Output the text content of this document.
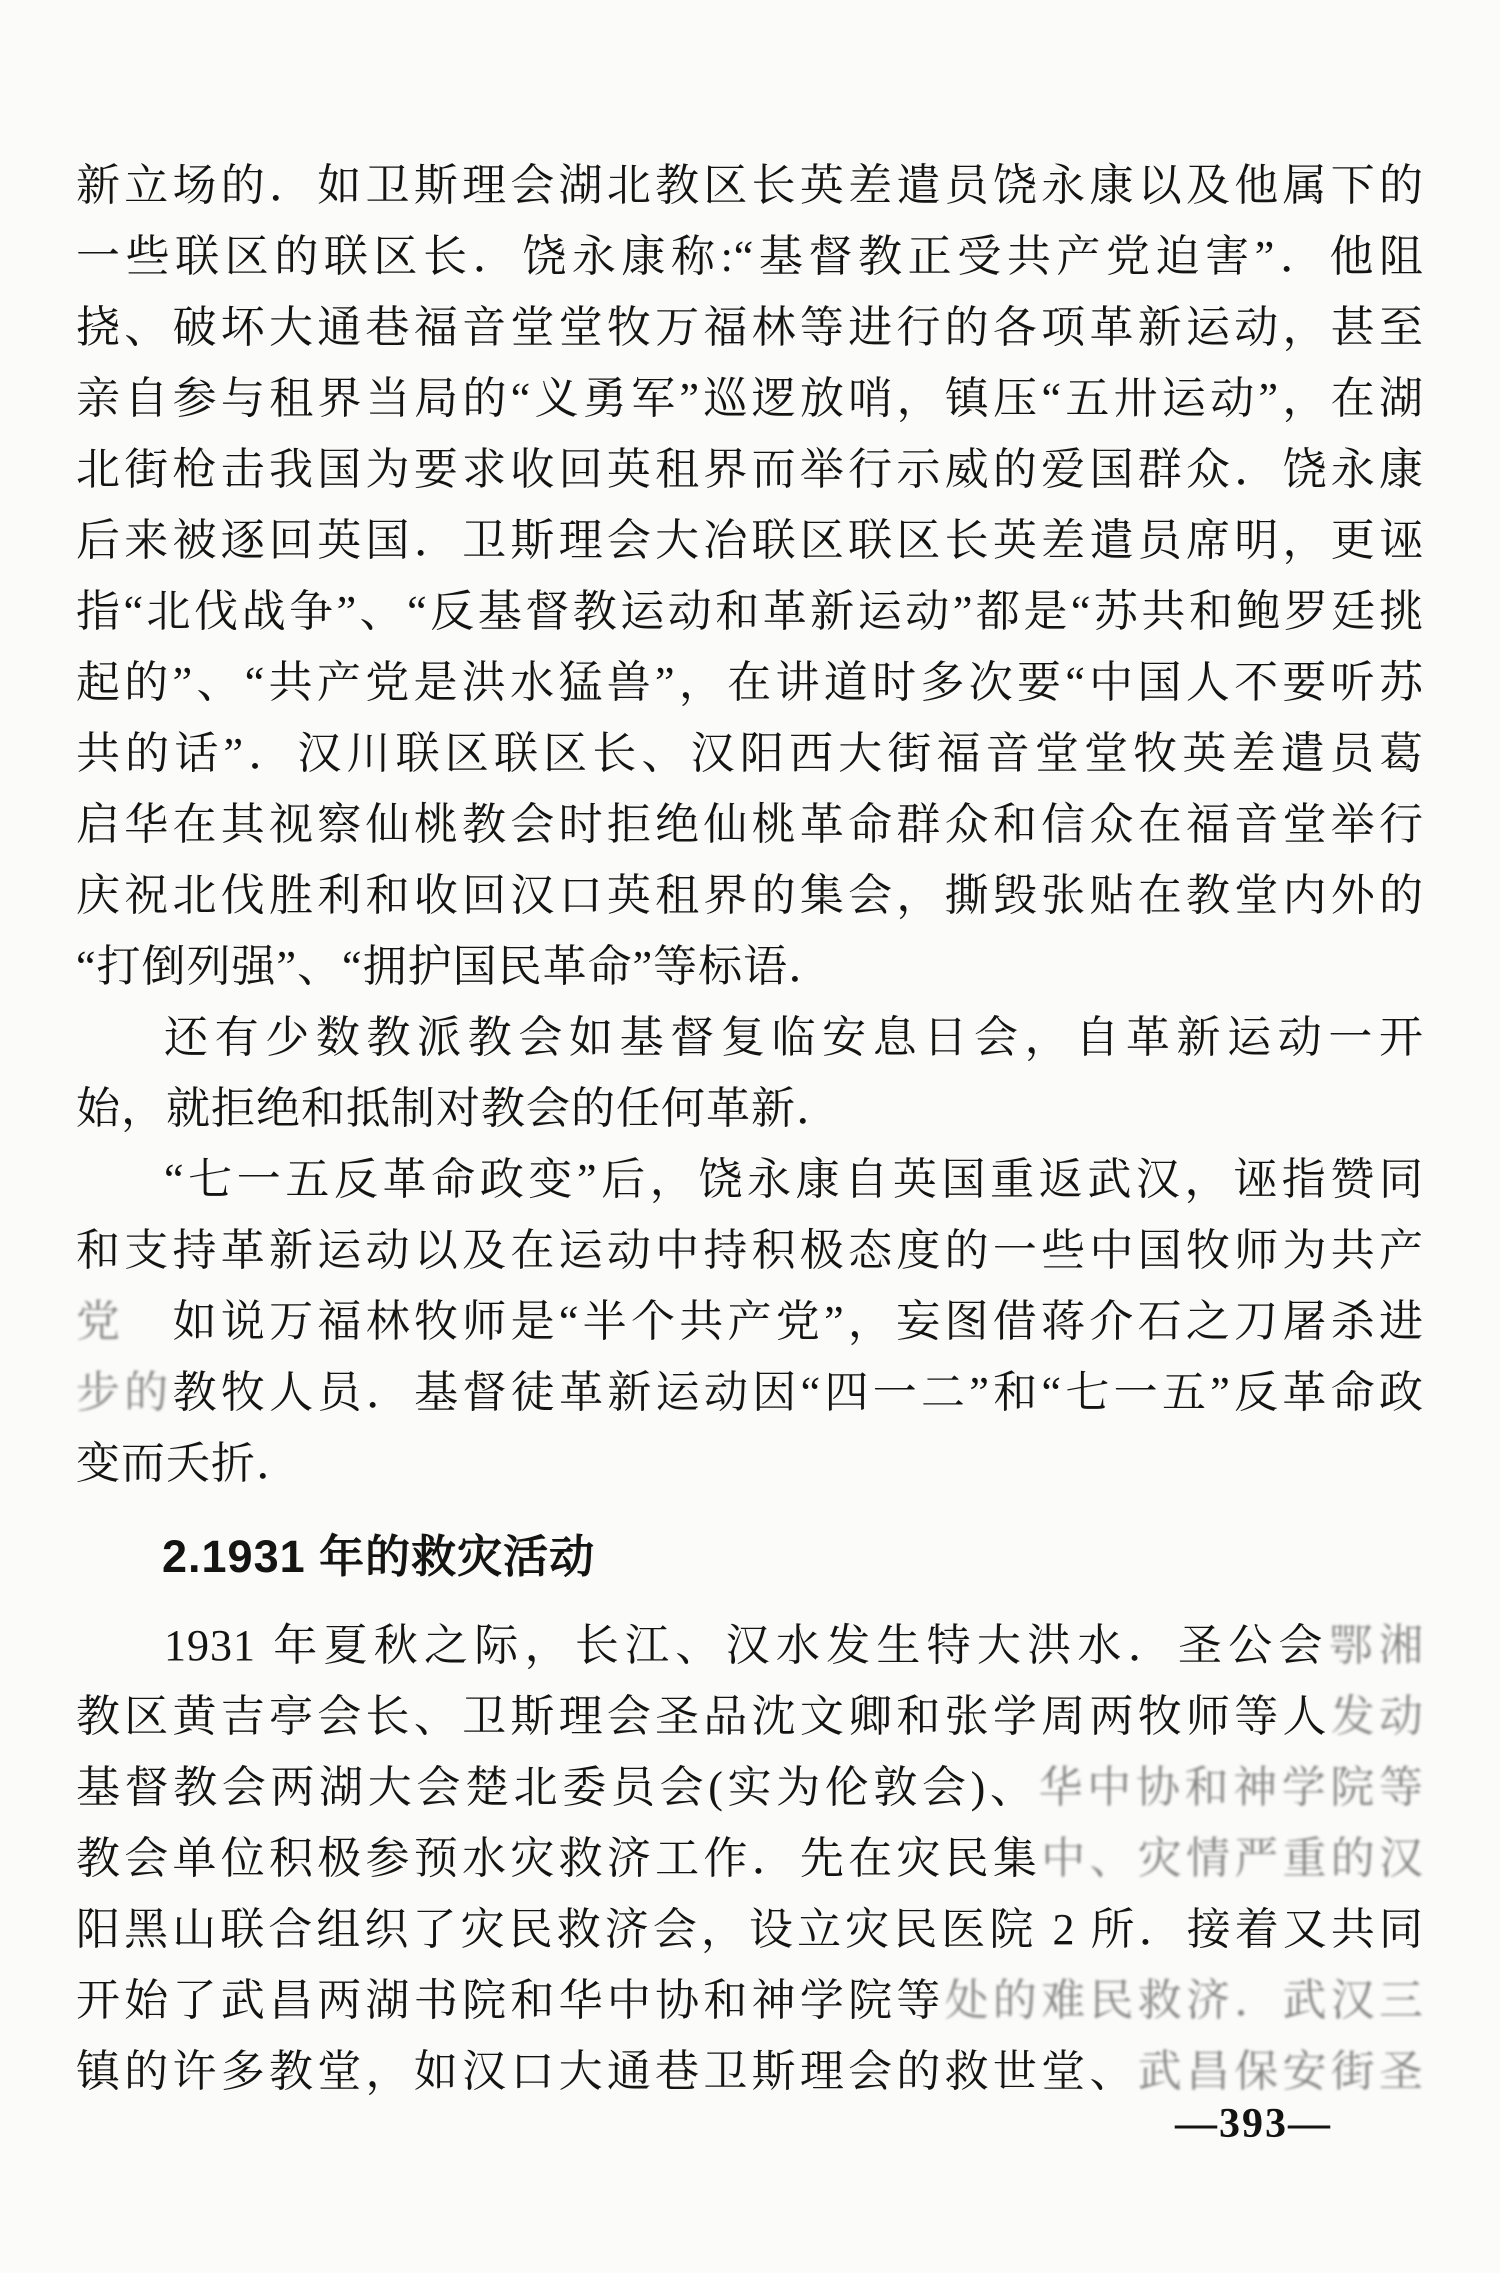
新立场的．如卫斯理会湖北教区长英差遣员饶永康以及他属下的
一些联区的联区长．饶永康称:“基督教正受共产党迫害”．他阻
挠、破坏大通巷福音堂堂牧万福林等进行的各项革新运动，甚至
亲自参与租界当局的“义勇军”巡逻放哨，镇压“五卅运动”，在湖
北街枪击我国为要求收回英租界而举行示威的爱国群众．饶永康
后来被逐回英国．卫斯理会大冶联区联区长英差遣员席明，更诬
指“北伐战争”、“反基督教运动和革新运动”都是“苏共和鲍罗廷挑
起的”、“共产党是洪水猛兽”，在讲道时多次要“中国人不要听苏
共的话”．汉川联区联区长、汉阳西大街福音堂堂牧英差遣员葛
启华在其视察仙桃教会时拒绝仙桃革命群众和信众在福音堂举行
庆祝北伐胜利和收回汉口英租界的集会，撕毁张贴在教堂内外的
“打倒列强”、“拥护国民革命”等标语．
还有少数教派教会如基督复临安息日会，自革新运动一开
始，就拒绝和抵制对教会的任何革新．
“七一五反革命政变”后，饶永康自英国重返武汉，诬指赞同
和支持革新运动以及在运动中持积极态度的一些中国牧师为共产
党　如说万福林牧师是“半个共产党”，妄图借蒋介石之刀屠杀进
步的教牧人员．基督徒革新运动因“四一二”和“七一五”反革命政
变而夭折．
2.1931 年的救灾活动
1931 年夏秋之际，长江、汉水发生特大洪水．圣公会鄂湘
教区黄吉亭会长、卫斯理会圣品沈文卿和张学周两牧师等人发动
基督教会两湖大会楚北委员会(实为伦敦会)、华中协和神学院等
教会单位积极参预水灾救济工作．先在灾民集中、灾情严重的汉
阳黑山联合组织了灾民救济会，设立灾民医院 2 所．接着又共同
开始了武昌两湖书院和华中协和神学院等处的难民救济．武汉三
镇的许多教堂，如汉口大通巷卫斯理会的救世堂、武昌保安街圣
—393—
